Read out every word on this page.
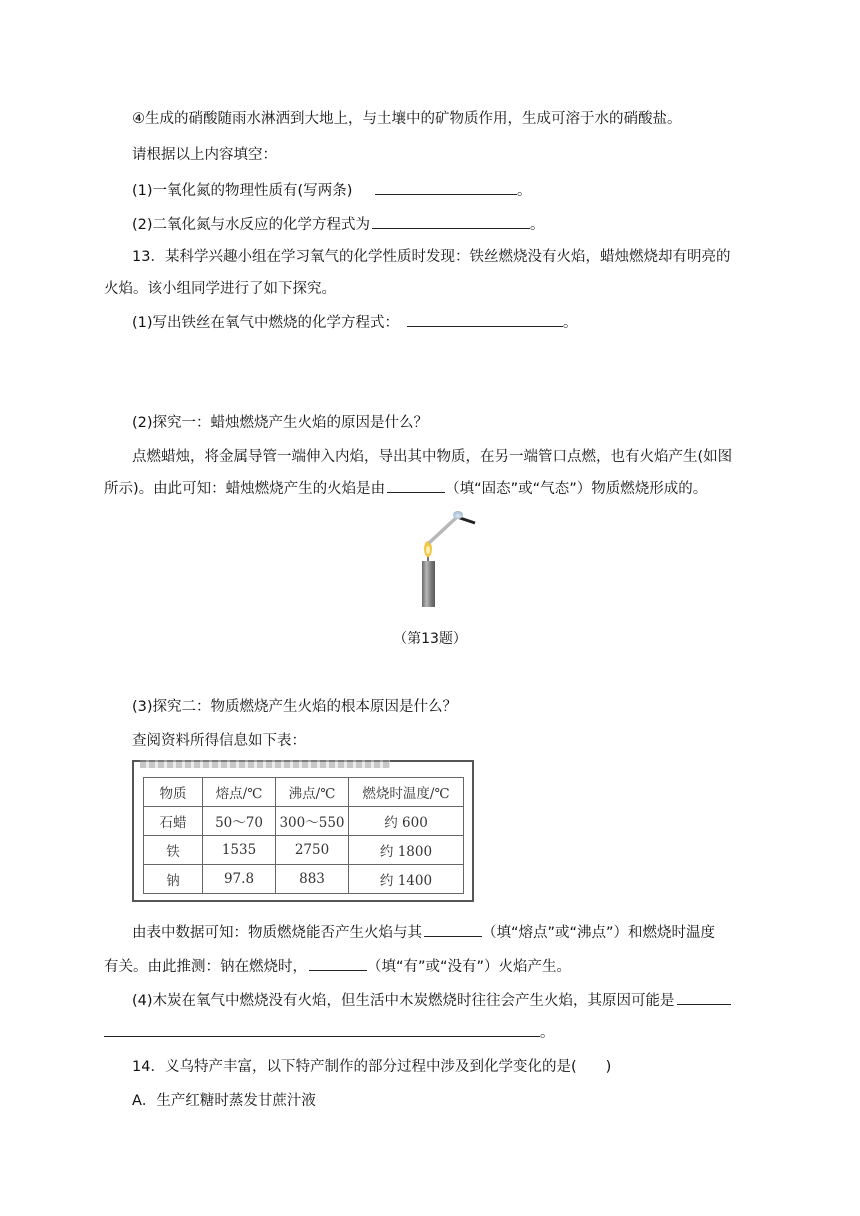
④生成的硝酸随雨水淋洒到大地上，与土壤中的矿物质作用，生成可溶于水的硝酸盐。
请根据以上内容填空：
(1)一氧化氮的物理性质有(写两条)	。
(2)二氧化氮与水反应的化学方程式为	。
13．某科学兴趣小组在学习氧气的化学性质时发现：铁丝燃烧没有火焰，蜡烛燃烧却有明亮的
火焰。该小组同学进行了如下探究。
(1)写出铁丝在氧气中燃烧的化学方程式：	。
(2)探究一：蜡烛燃烧产生火焰的原因是什么？
点燃蜡烛，将金属导管一端伸入内焰，导出其中物质，在另一端管口点燃，也有火焰产生(如图
所示)。由此可知：蜡烛燃烧产生的火焰是由	（填“固态”或“气态”）物质燃烧形成的。
（第13题）
(3)探究二：物质燃烧产生火焰的根本原因是什么？
查阅资料所得信息如下表：
物质	熔点/℃	沸点/℃	燃烧时温度/℃
石蜡	50～70	300～550	约 600
铁	1535	2750	约 1800
钠	97.8	883	约 1400
由表中数据可知：物质燃烧能否产生火焰与其	（填“熔点”或“沸点”）和燃烧时温度
有关。由此推测：钠在燃烧时，	（填“有”或“没有”）火焰产生。
(4)木炭在氧气中燃烧没有火焰，但生活中木炭燃烧时往往会产生火焰，其原因可能是
。
14．义乌特产丰富，以下特产制作的部分过程中涉及到化学变化的是(　　)
A．生产红糖时蒸发甘蔗汁液
